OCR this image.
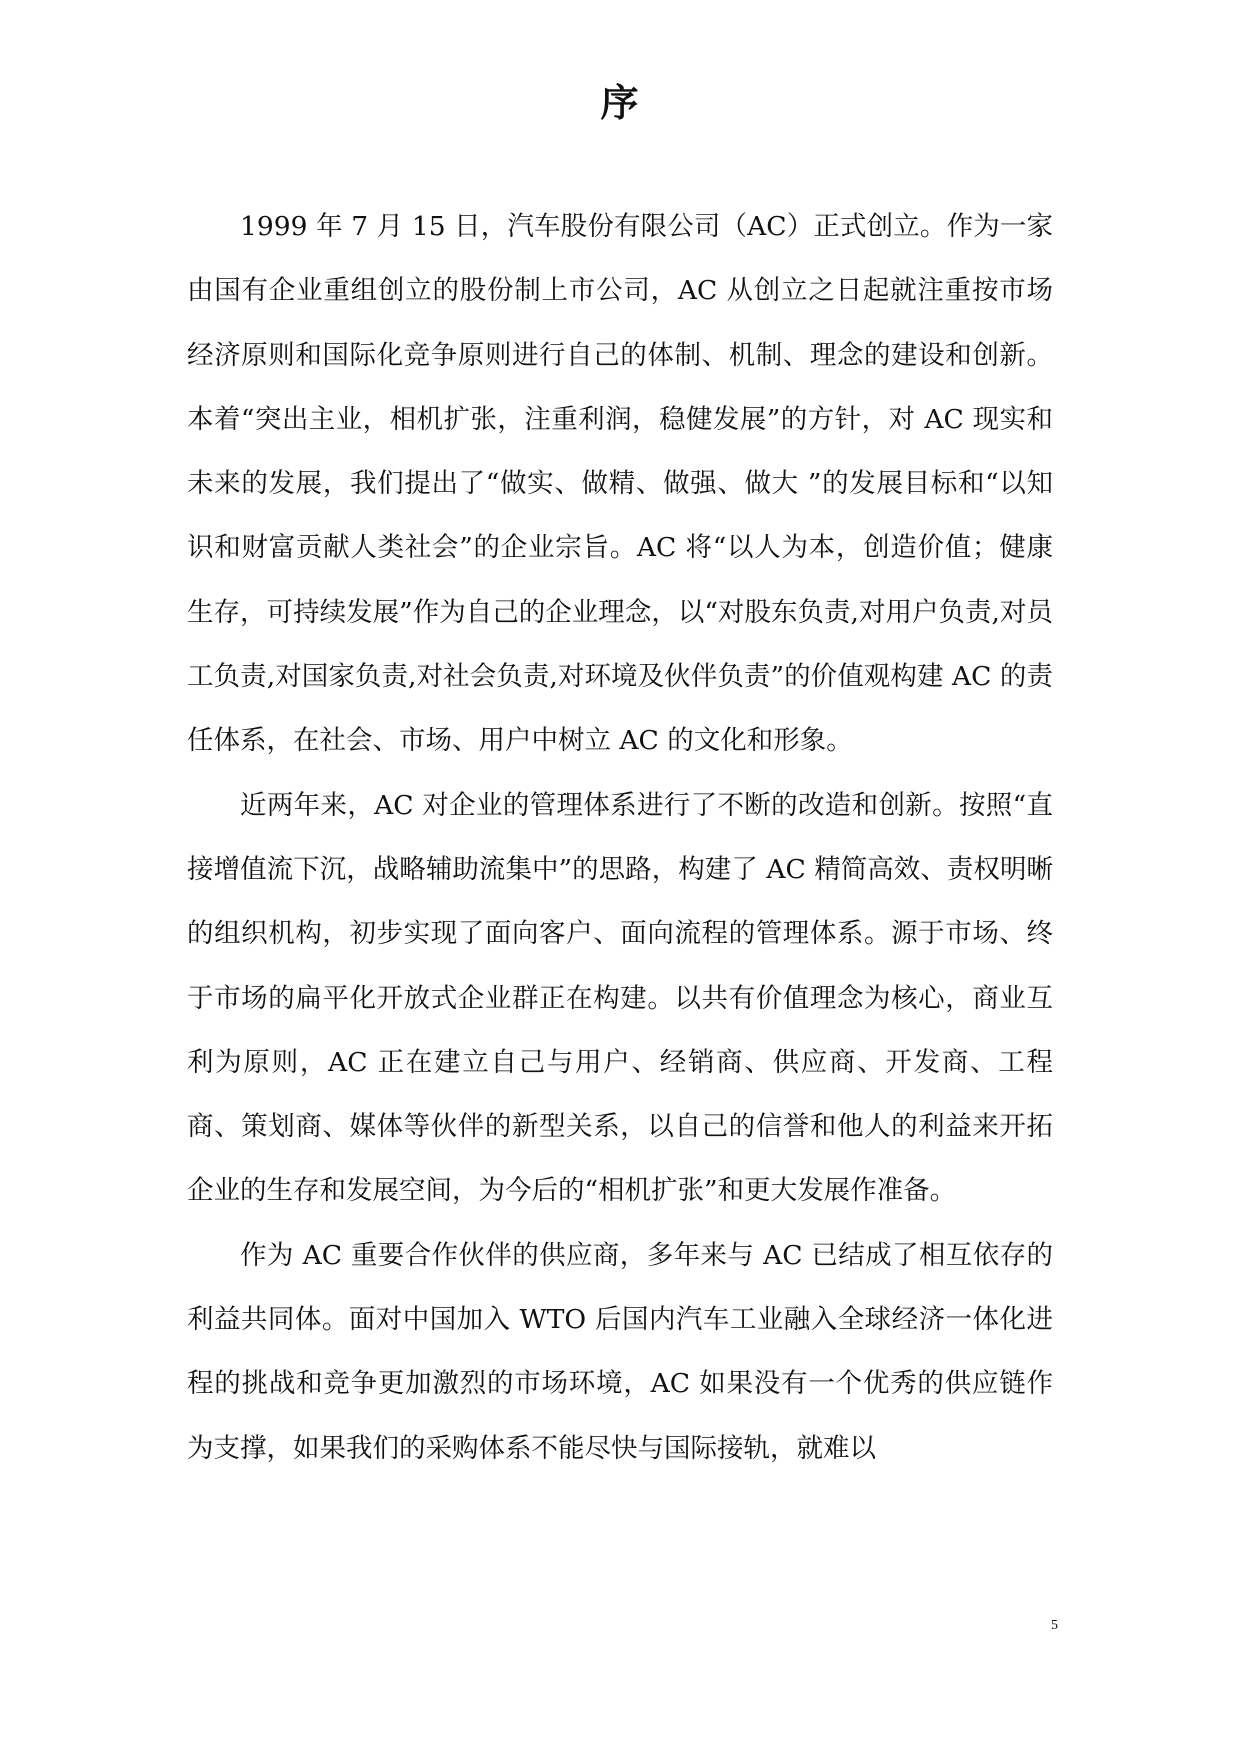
序

1999 年 7 月 15 日，汽车股份有限公司（AC）正式创立。作为一家由国有企业重组创立的股份制上市公司，AC 从创立之日起就注重按市场经济原则和国际化竞争原则进行自己的体制、机制、理念的建设和创新。本着“突出主业，相机扩张，注重利润，稳健发展”的方针，对 AC 现实和未来的发展，我们提出了“做实、做精、做强、做大 ”的发展目标和“以知识和财富贡献人类社会”的企业宗旨。AC 将“以人为本，创造价值；健康生存，可持续发展”作为自己的企业理念，以“对股东负责,对用户负责,对员工负责,对国家负责,对社会负责,对环境及伙伴负责”的价值观构建 AC 的责任体系，在社会、市场、用户中树立 AC 的文化和形象。

近两年来，AC 对企业的管理体系进行了不断的改造和创新。按照“直接增值流下沉，战略辅助流集中”的思路，构建了 AC 精简高效、责权明晰的组织机构，初步实现了面向客户、面向流程的管理体系。源于市场、终于市场的扁平化开放式企业群正在构建。以共有价值理念为核心，商业互利为原则，AC 正在建立自己与用户、经销商、供应商、开发商、工程商、策划商、媒体等伙伴的新型关系，以自己的信誉和他人的利益来开拓企业的生存和发展空间，为今后的“相机扩张”和更大发展作准备。

作为 AC 重要合作伙伴的供应商，多年来与 AC 已结成了相互依存的利益共同体。面对中国加入 WTO 后国内汽车工业融入全球经济一体化进程的挑战和竞争更加激烈的市场环境，AC 如果没有一个优秀的供应链作为支撑，如果我们的采购体系不能尽快与国际接轨，就难以

5
